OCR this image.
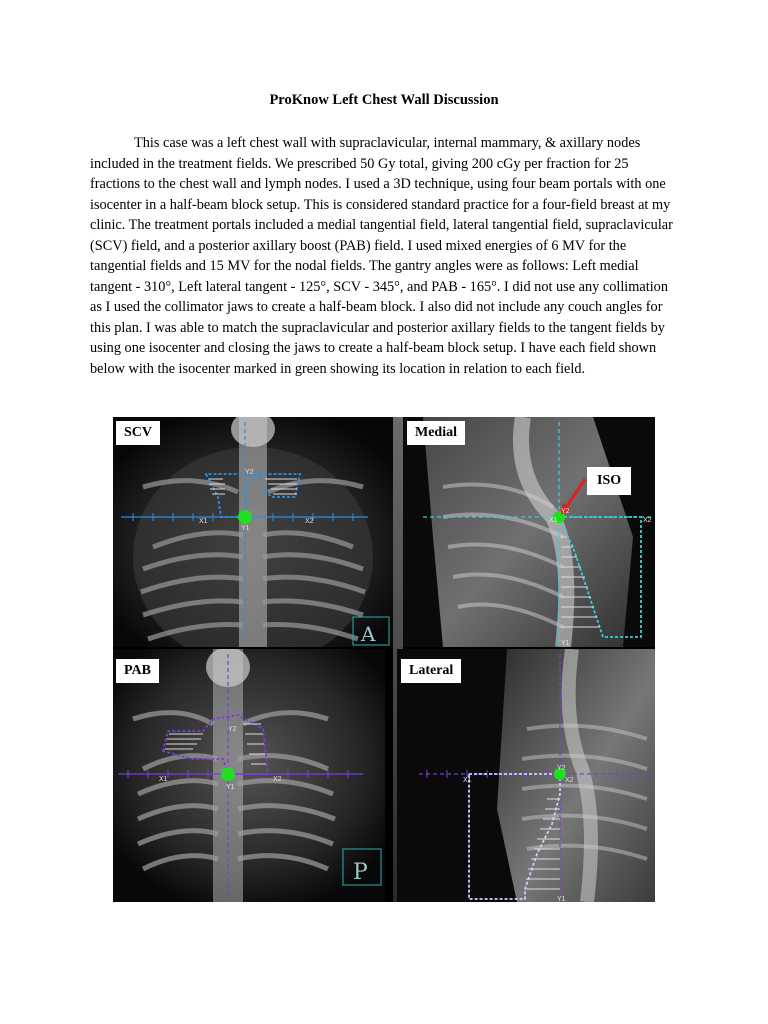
ProKnow Left Chest Wall Discussion
This case was a left chest wall with supraclavicular, internal mammary, & axillary nodes included in the treatment fields. We prescribed 50 Gy total, giving 200 cGy per fraction for 25 fractions to the chest wall and lymph nodes. I used a 3D technique, using four beam portals with one isocenter in a half-beam block setup. This is considered standard practice for a four-field breast at my clinic. The treatment portals included a medial tangential field, lateral tangential field, supraclavicular (SCV) field, and a posterior axillary boost (PAB) field. I used mixed energies of 6 MV for the tangential fields and 15 MV for the nodal fields. The gantry angles were as follows: Left medial tangent - 310°, Left lateral tangent - 125°, SCV - 345°, and PAB - 165°. I did not use any collimation as I used the collimator jaws to create a half-beam block. I also did not include any couch angles for this plan. I was able to match the supraclavicular and posterior axillary fields to the tangent fields by using one isocenter and closing the jaws to create a half-beam block setup. I have each field shown below with the isocenter marked in green showing its location in relation to each field.
X1	X2
Y1
Y2
A
SCV
X1	X2
Y2
Y1
Medial
ISO
X1	X2
Y1
Y2
P
PAB
X1	X2
Y2
Y1
Lateral
